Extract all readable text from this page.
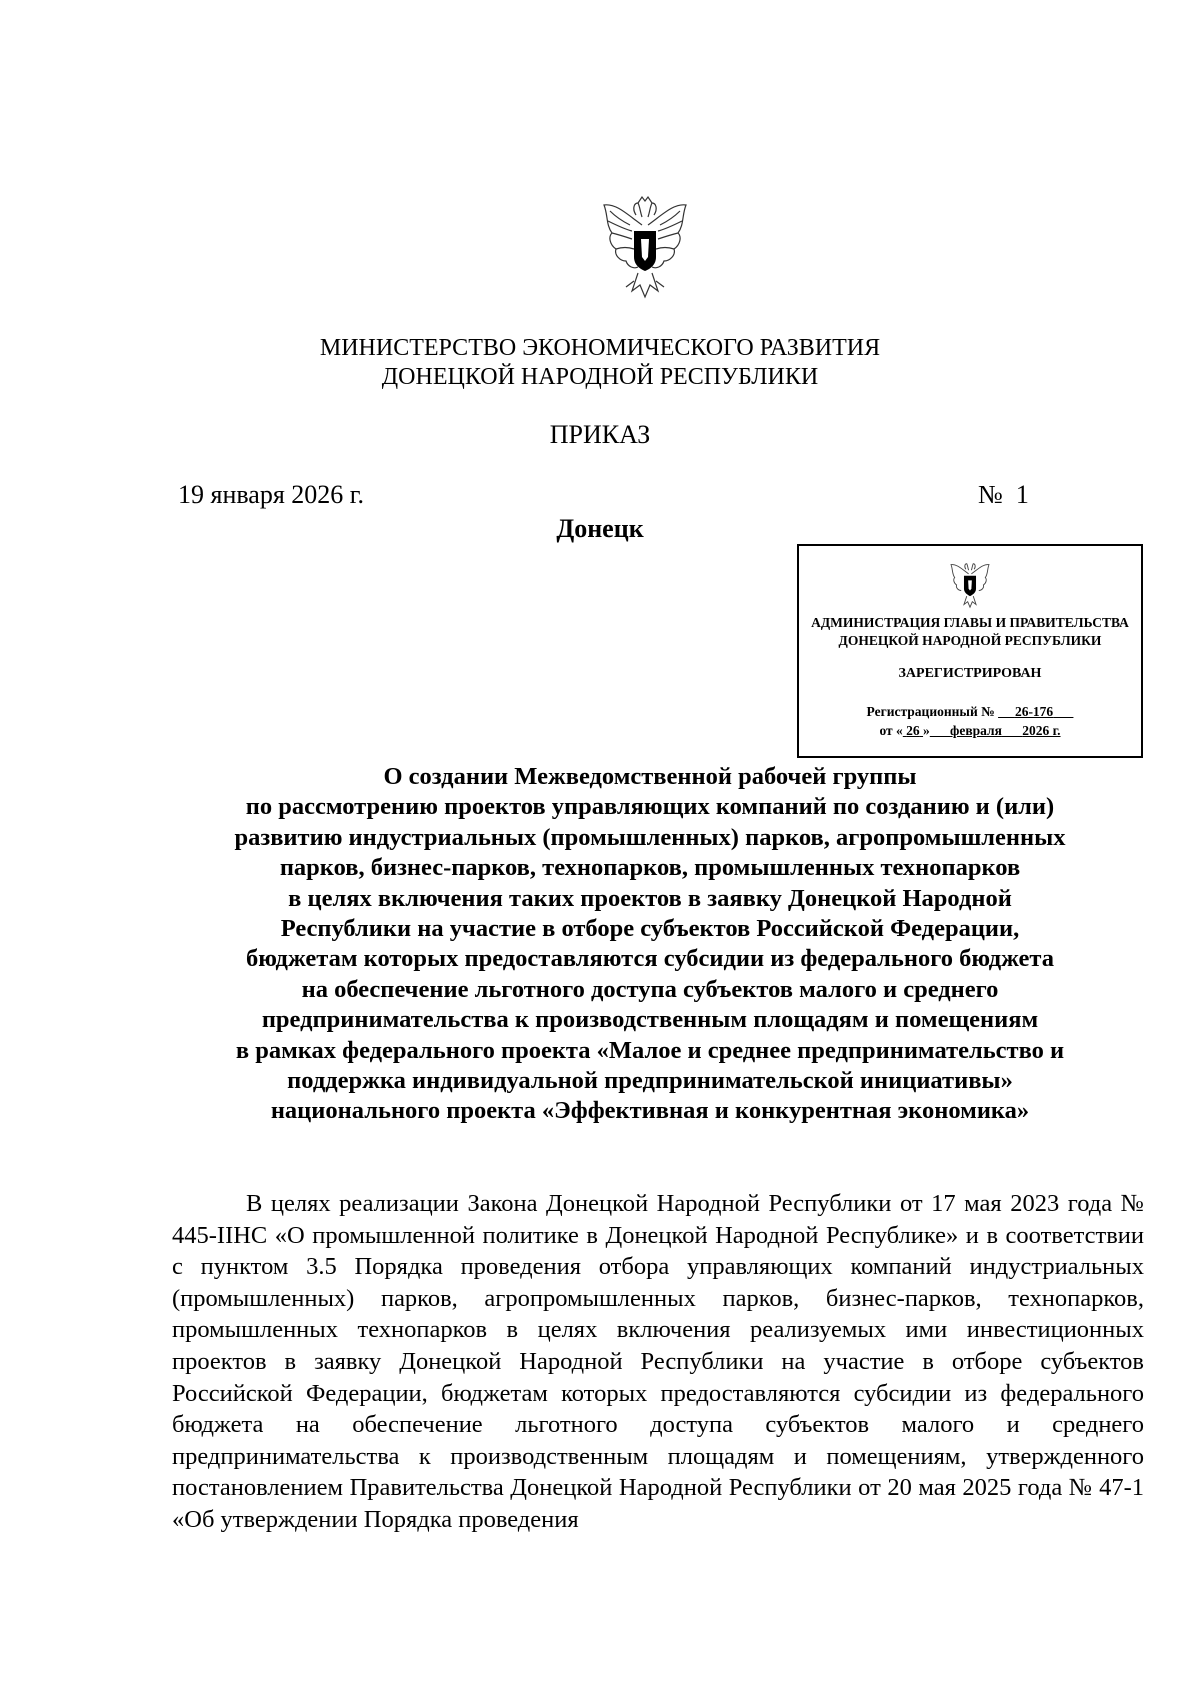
МИНИСТЕРСТВО ЭКОНОМИЧЕСКОГО РАЗВИТИЯ
ДОНЕЦКОЙ НАРОДНОЙ РЕСПУБЛИКИ
ПРИКАЗ
19 января 2026 г.	№ 1
Донецк
АДМИНИСТРАЦИЯ ГЛАВЫ И ПРАВИТЕЛЬСТВА
ДОНЕЦКОЙ НАРОДНОЙ РЕСПУБЛИКИ
ЗАРЕГИСТРИРОВАН
Регистрационный № 26-176
от « 26 » февраля 2026 г.
О создании Межведомственной рабочей группы
по рассмотрению проектов управляющих компаний по созданию и (или)
развитию индустриальных (промышленных) парков, агропромышленных
парков, бизнес-парков, технопарков, промышленных технопарков
в целях включения таких проектов в заявку Донецкой Народной
Республики на участие в отборе субъектов Российской Федерации,
бюджетам которых предоставляются субсидии из федерального бюджета
на обеспечение льготного доступа субъектов малого и среднего
предпринимательства к производственным площадям и помещениям
в рамках федерального проекта «Малое и среднее предпринимательство и
поддержка индивидуальной предпринимательской инициативы»
национального проекта «Эффективная и конкурентная экономика»
В целях реализации Закона Донецкой Народной Республики от 17 мая 2023 года № 445-IIНС «О промышленной политике в Донецкой Народной Республике» и в соответствии с пунктом 3.5 Порядка проведения отбора управляющих компаний индустриальных (промышленных) парков, агропромышленных парков, бизнес-парков, технопарков, промышленных технопарков в целях включения реализуемых ими инвестиционных проектов в заявку Донецкой Народной Республики на участие в отборе субъектов Российской Федерации, бюджетам которых предоставляются субсидии из федерального бюджета на обеспечение льготного доступа субъектов малого и среднего предпринимательства к производственным площадям и помещениям, утвержденного постановлением Правительства Донецкой Народной Республики от 20 мая 2025 года № 47-1 «Об утверждении Порядка проведения
